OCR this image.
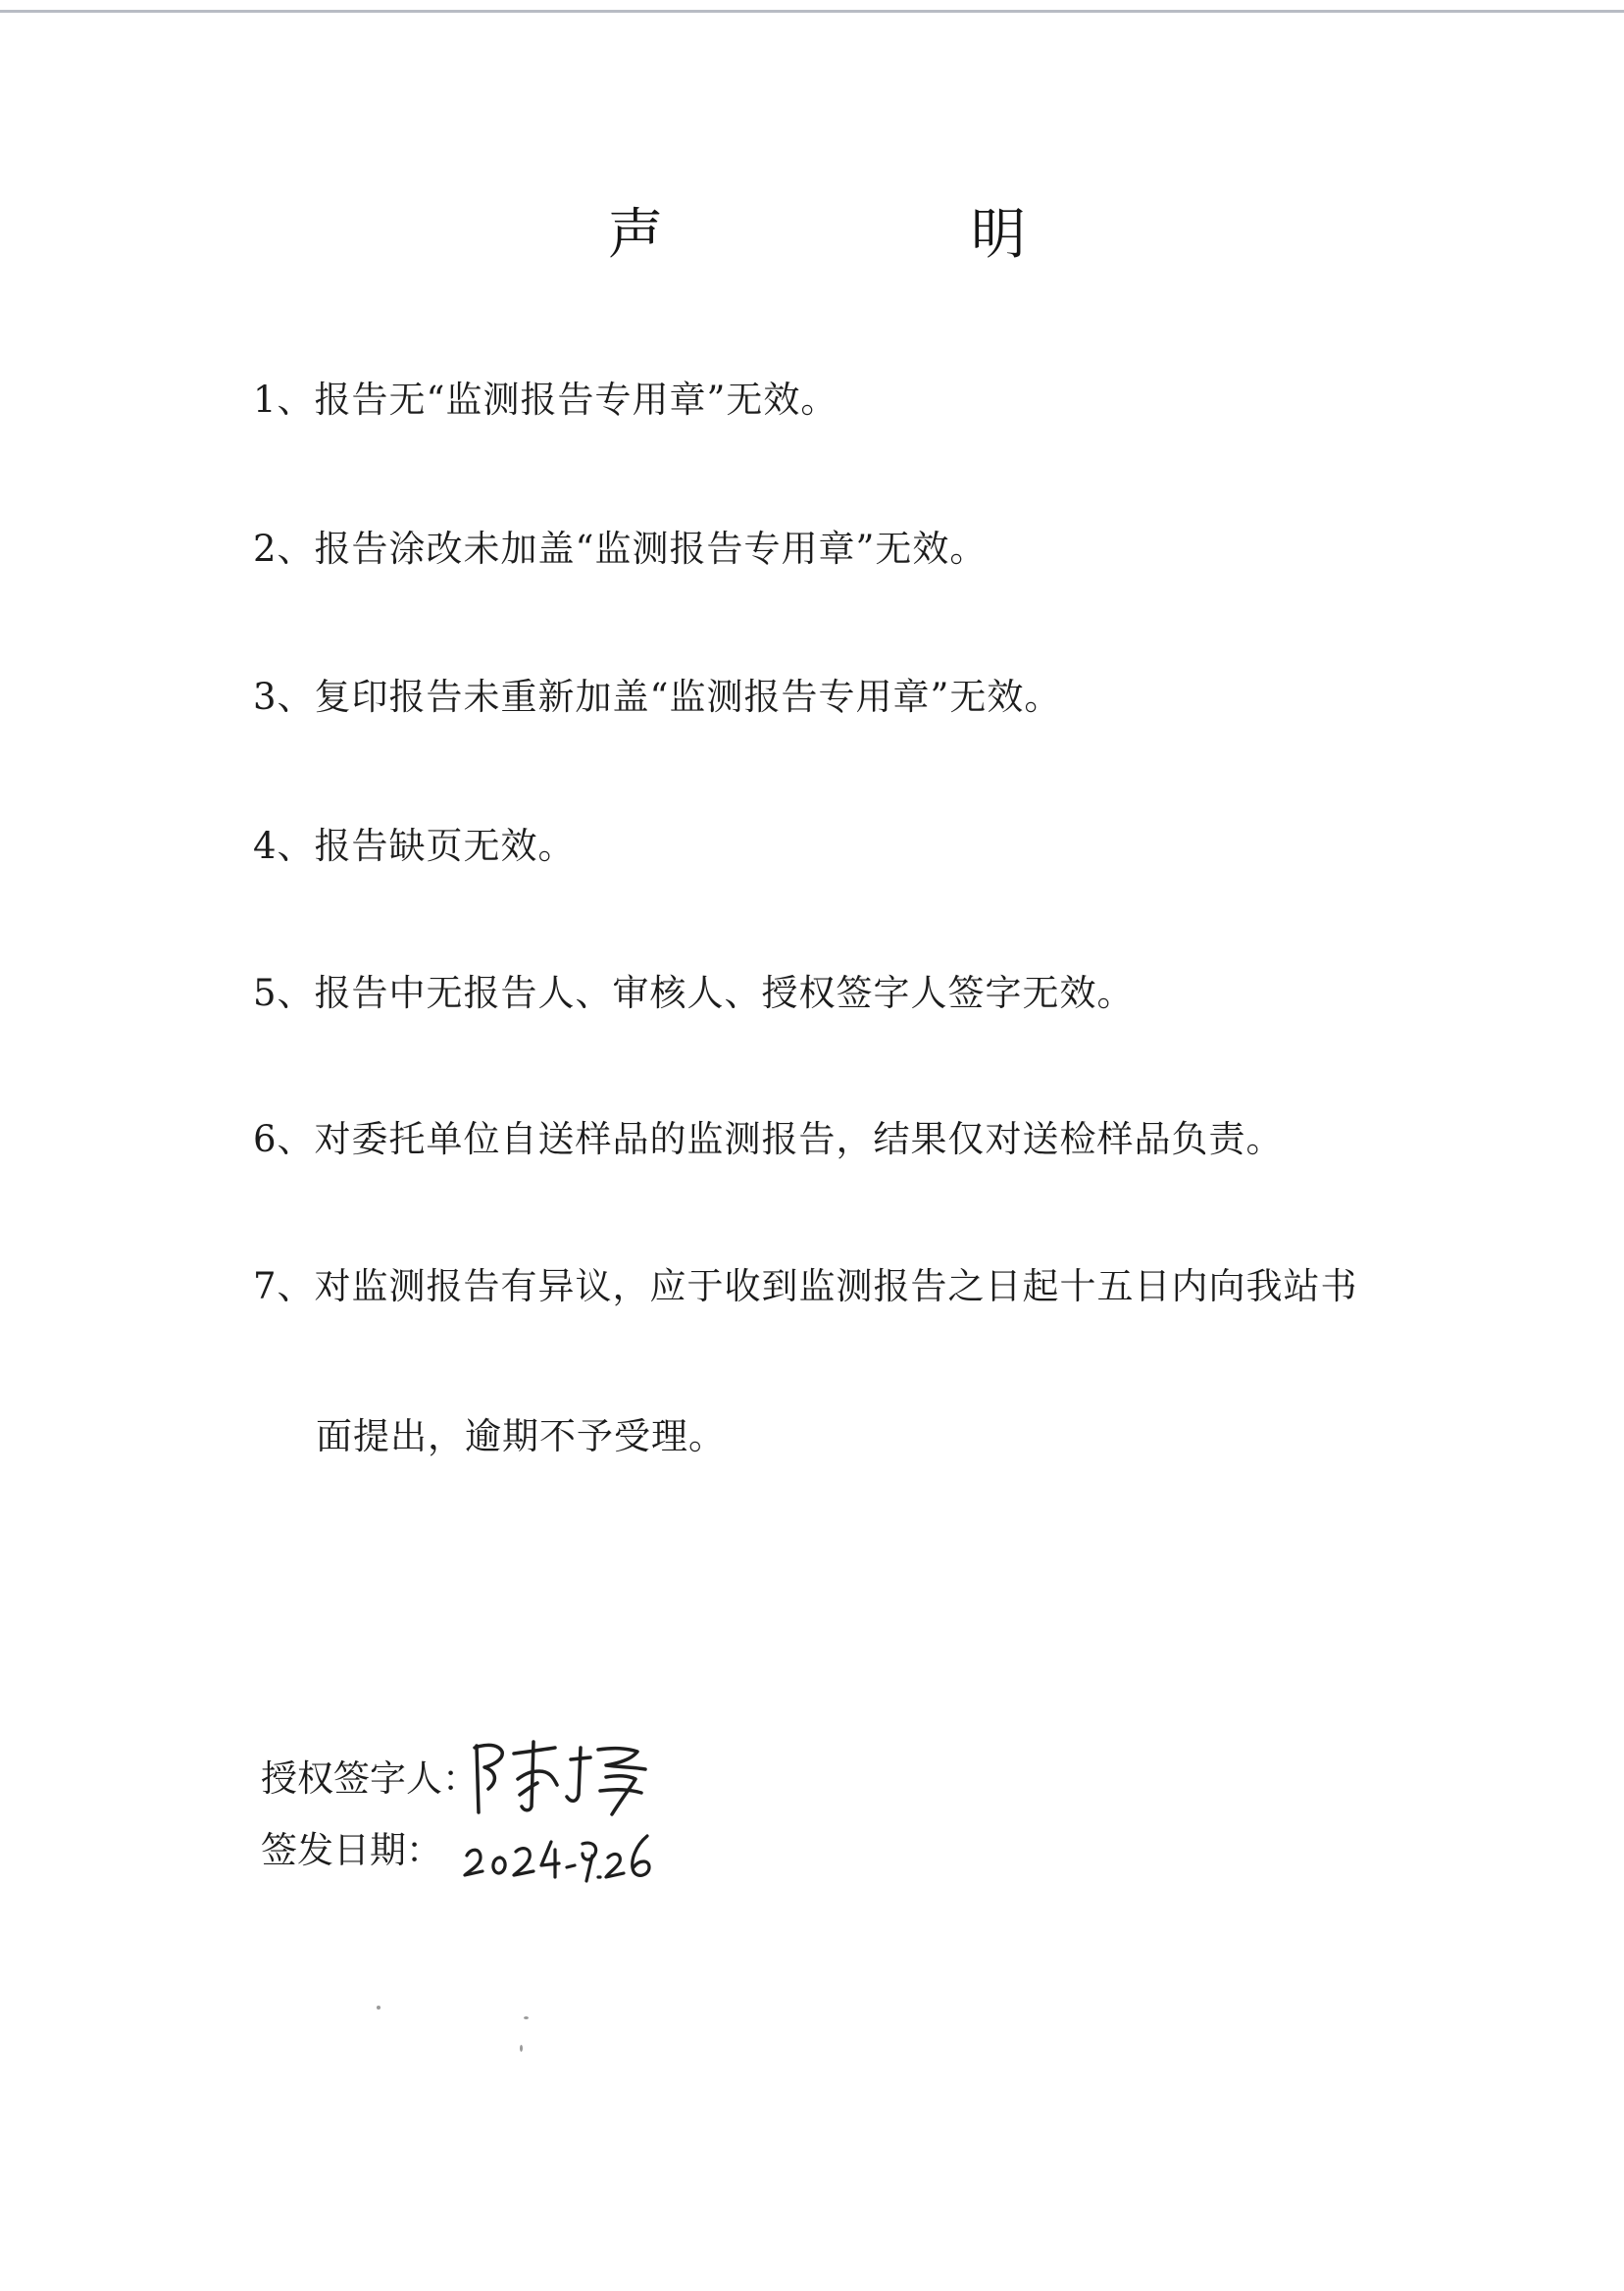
声	明
1、报告无“监测报告专用章”无效。
2、报告涂改未加盖“监测报告专用章”无效。
3、复印报告未重新加盖“监测报告专用章”无效。
4、报告缺页无效。
5、报告中无报告人、审核人、授权签字人签字无效。
6、对委托单位自送样品的监测报告，结果仅对送检样品负责。
7、对监测报告有异议，应于收到监测报告之日起十五日内向我站书
面提出，逾期不予受理。
授权签字人：
签发日期：
